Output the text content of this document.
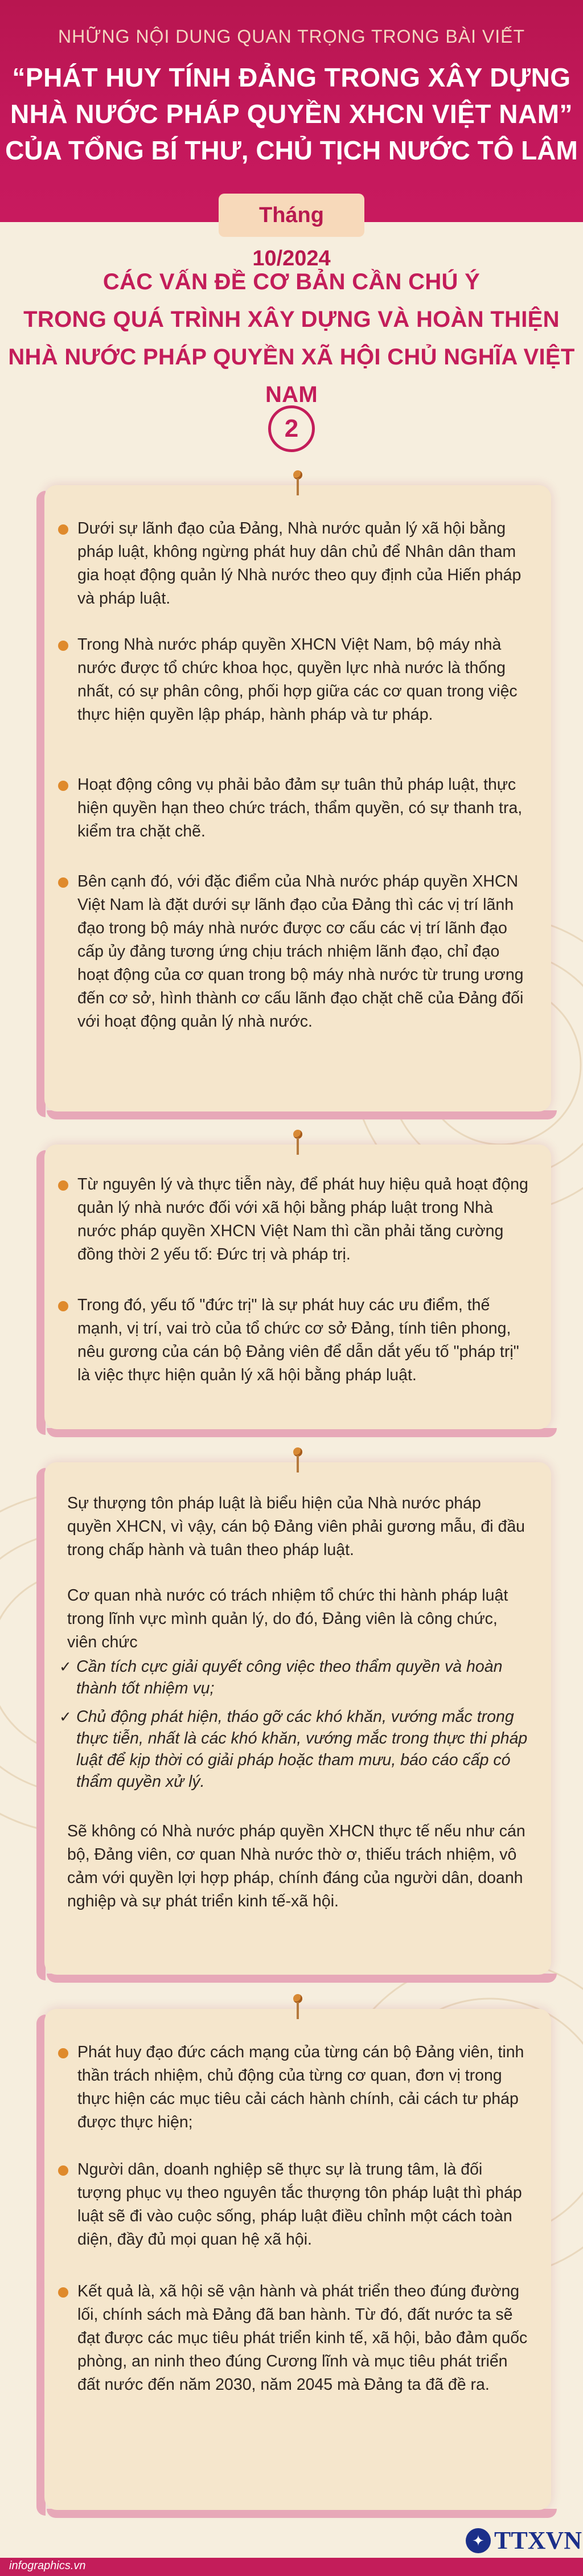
NHỮNG NỘI DUNG QUAN TRỌNG TRONG BÀI VIẾT
“PHÁT HUY TÍNH ĐẢNG TRONG XÂY DỰNG
NHÀ NƯỚC PHÁP QUYỀN XHCN VIỆT NAM”
CỦA TỔNG BÍ THƯ, CHỦ TỊCH NƯỚC TÔ LÂM
Tháng 10/2024
CÁC VẤN ĐỀ CƠ BẢN CẦN CHÚ Ý
TRONG QUÁ TRÌNH XÂY DỰNG VÀ HOÀN THIỆN
NHÀ NƯỚC PHÁP QUYỀN XÃ HỘI CHỦ NGHĨA VIỆT NAM
2
Dưới sự lãnh đạo của Đảng, Nhà nước quản lý xã hội bằng pháp luật, không ngừng phát huy dân chủ để Nhân dân tham gia hoạt động quản lý Nhà nước theo quy định của Hiến pháp và pháp luật.
Trong Nhà nước pháp quyền XHCN Việt Nam, bộ máy nhà nước được tổ chức khoa học, quyền lực nhà nước là thống nhất, có sự phân công, phối hợp giữa các cơ quan trong việc thực hiện quyền lập pháp, hành pháp và tư pháp.
Hoạt động công vụ phải bảo đảm sự tuân thủ pháp luật, thực hiện quyền hạn theo chức trách, thẩm quyền, có sự thanh tra, kiểm tra chặt chẽ.
Bên cạnh đó, với đặc điểm của Nhà nước pháp quyền XHCN Việt Nam là đặt dưới sự lãnh đạo của Đảng thì các vị trí lãnh đạo trong bộ máy nhà nước được cơ cấu các vị trí lãnh đạo cấp ủy đảng tương ứng chịu trách nhiệm lãnh đạo, chỉ đạo hoạt động của cơ quan trong bộ máy nhà nước từ trung ương đến cơ sở, hình thành cơ cấu lãnh đạo chặt chẽ của Đảng đối với hoạt động quản lý nhà nước.
Từ nguyên lý và thực tiễn này, để phát huy hiệu quả hoạt động quản lý nhà nước đối với xã hội bằng pháp luật trong Nhà nước pháp quyền XHCN Việt Nam thì cần phải tăng cường đồng thời 2 yếu tố: Đức trị và pháp trị.
Trong đó, yếu tố "đức trị" là sự phát huy các ưu điểm, thế mạnh, vị trí, vai trò của tổ chức cơ sở Đảng, tính tiên phong, nêu gương của cán bộ Đảng viên để dẫn dắt yếu tố "pháp trị" là việc thực hiện quản lý xã hội bằng pháp luật.
Sự thượng tôn pháp luật là biểu hiện của Nhà nước pháp quyền XHCN, vì vậy, cán bộ Đảng viên phải gương mẫu, đi đầu trong chấp hành và tuân theo pháp luật.
Cơ quan nhà nước có trách nhiệm tổ chức thi hành pháp luật trong lĩnh vực mình quản lý, do đó, Đảng viên là công chức, viên chức
✓ Cần tích cực giải quyết công việc theo thẩm quyền và hoàn thành tốt nhiệm vụ;
✓ Chủ động phát hiện, tháo gỡ các khó khăn, vướng mắc trong thực tiễn, nhất là các khó khăn, vướng mắc trong thực thi pháp luật để kịp thời có giải pháp hoặc tham mưu, báo cáo cấp có thẩm quyền xử lý.
Sẽ không có Nhà nước pháp quyền XHCN thực tế nếu như cán bộ, Đảng viên, cơ quan Nhà nước thờ ơ, thiếu trách nhiệm, vô cảm với quyền lợi hợp pháp, chính đáng của người dân, doanh nghiệp và sự phát triển kinh tế-xã hội.
Phát huy đạo đức cách mạng của từng cán bộ Đảng viên, tinh thần trách nhiệm, chủ động của từng cơ quan, đơn vị trong thực hiện các mục tiêu cải cách hành chính, cải cách tư pháp được thực hiện;
Người dân, doanh nghiệp sẽ thực sự là trung tâm, là đối tượng phục vụ theo nguyên tắc thượng tôn pháp luật thì pháp luật sẽ đi vào cuộc sống, pháp luật điều chỉnh một cách toàn diện, đầy đủ mọi quan hệ xã hội.
Kết quả là, xã hội sẽ vận hành và phát triển theo đúng đường lối, chính sách mà Đảng đã ban hành. Từ đó, đất nước ta sẽ đạt được các mục tiêu phát triển kinh tế, xã hội, bảo đảm quốc phòng, an ninh theo đúng Cương lĩnh và mục tiêu phát triển đất nước đến năm 2030, năm 2045 mà Đảng ta đã đề ra.
✦ TTXVN
infographics.vn
